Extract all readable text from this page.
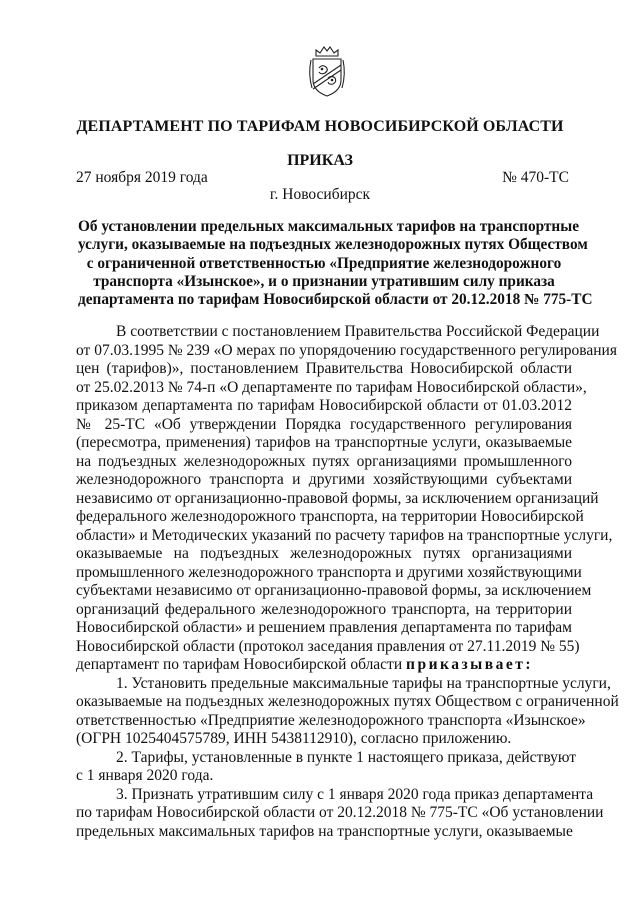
ДЕПАРТАМЕНТ ПО ТАРИФАМ НОВОСИБИРСКОЙ ОБЛАСТИ
ПРИКАЗ
27 ноября 2019 года	№ 470-ТС
г. Новосибирск
Об установлении предельных максимальных тарифов на транспортные
услуги, оказываемые на подъездных железнодорожных путях Обществом
с ограниченной ответственностью «Предприятие железнодорожного
транспорта «Изынское», и о признании утратившим силу приказа
департамента по тарифам Новосибирской области от 20.12.2018 № 775-ТС
В соответствии с постановлением Правительства Российской Федерации
от 07.03.1995 № 239 «О мерах по упорядочению государственного регулирования
цен (тарифов)», постановлением Правительства Новосибирской области
от 25.02.2013 № 74-п «О департаменте по тарифам Новосибирской области»,
приказом департамента по тарифам Новосибирской области от 01.03.2012
№ 25-ТС «Об утверждении Порядка государственного регулирования
(пересмотра, применения) тарифов на транспортные услуги, оказываемые
на подъездных железнодорожных путях организациями промышленного
железнодорожного транспорта и другими хозяйствующими субъектами
независимо от организационно-правовой формы, за исключением организаций
федерального железнодорожного транспорта, на территории Новосибирской
области» и Методических указаний по расчету тарифов на транспортные услуги,
оказываемые на подъездных железнодорожных путях организациями
промышленного железнодорожного транспорта и другими хозяйствующими
субъектами независимо от организационно-правовой формы, за исключением
организаций федерального железнодорожного транспорта, на территории
Новосибирской области» и решением правления департамента по тарифам
Новосибирской области (протокол заседания правления от 27.11.2019 № 55)
департамент по тарифам Новосибирской области приказывает:
1. Установить предельные максимальные тарифы на транспортные услуги,
оказываемые на подъездных железнодорожных путях Обществом с ограниченной
ответственностью «Предприятие железнодорожного транспорта «Изынское»
(ОГРН 1025404575789, ИНН 5438112910), согласно приложению.
2. Тарифы, установленные в пункте 1 настоящего приказа, действуют
с 1 января 2020 года.
3. Признать утратившим силу с 1 января 2020 года приказ департамента
по тарифам Новосибирской области от 20.12.2018 № 775-ТС «Об установлении
предельных максимальных тарифов на транспортные услуги, оказываемые
